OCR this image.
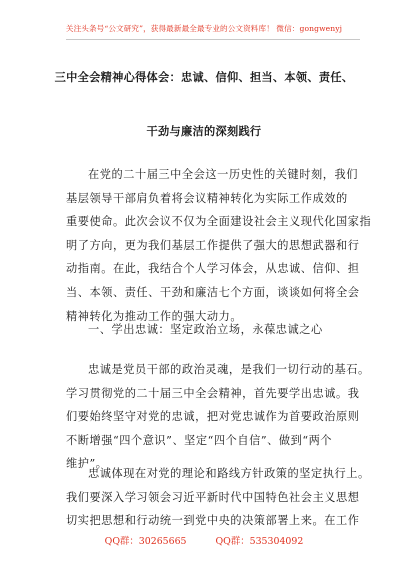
关注头条号“公文研究”，获得最新最全最专业的公文资料库！ 微信：gongwenyj
三中全会精神心得体会：忠诚、信仰、担当、本领、责任、
干劲与廉洁的深刻践行
在党的二十届三中全会这一历史性的关键时刻，我们
基层领导干部肩负着将会议精神转化为实际工作成效的
重要使命。此次会议不仅为全面建设社会主义现代化国家指
明了方向，更为我们基层工作提供了强大的思想武器和行
动指南。在此，我结合个人学习体会，从忠诚、信仰、担
当、本领、责任、干劲和廉洁七个方面，谈谈如何将全会
精神转化为推动工作的强大动力。
一、学出忠诚：坚定政治立场，永葆忠诚之心
忠诚是党员干部的政治灵魂，是我们一切行动的基石。
学习贯彻党的二十届三中全会精神，首先要学出忠诚。我
们要始终坚守对党的忠诚，把对党忠诚作为首要政治原则
不断增强“四个意识”、坚定“四个自信”、做到“两个
维护”。
忠诚体现在对党的理论和路线方针政策的坚定执行上。
我们要深入学习领会习近平新时代中国特色社会主义思想
切实把思想和行动统一到党中央的决策部署上来。在工作
QQ群：30265665	QQ群：535304092
